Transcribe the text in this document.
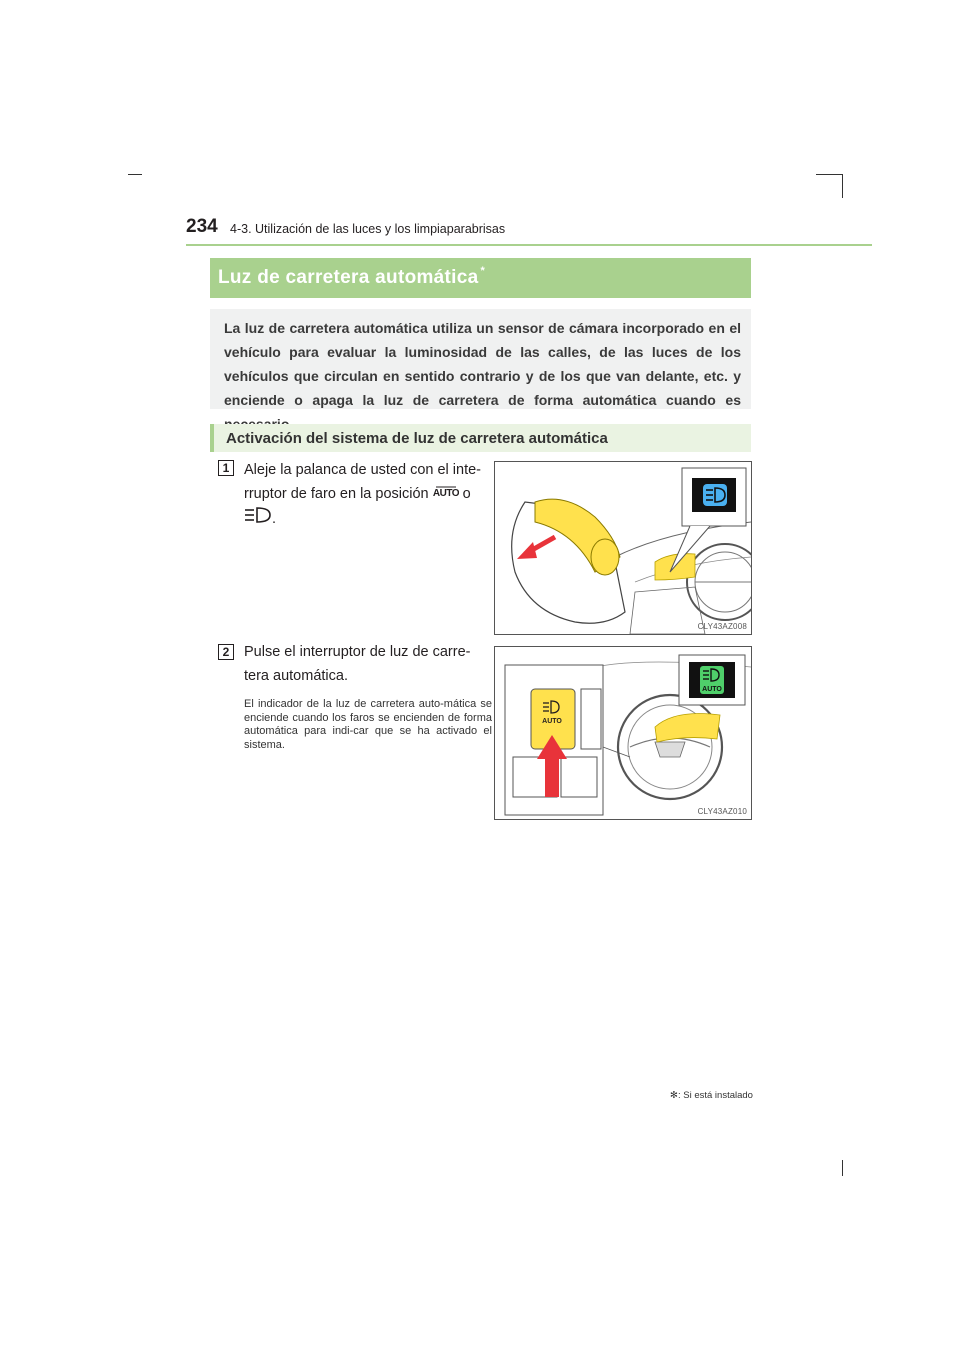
234 4-3. Utilización de las luces y los limpiaparabrisas
Luz de carretera automática *
La luz de carretera automática utiliza un sensor de cámara incorporado en el vehículo para evaluar la luminosidad de las calles, de las luces de los vehículos que circulan en sentido contrario y de los que van delante, etc. y enciende o apaga la luz de carretera de forma automática cuando es
Activación del sistema de luz de carretera automática
1	Aleje la palanca de usted con el inte-rruptor de faro en la posición AUTO o
.
CLY43AZ008
2	Pulse el interruptor de luz de carre-tera automática.
El indicador de la luz de carretera auto-mática se enciende cuando los faros se encienden de forma automática para indi-car que se ha activado el sistema.
AUTO
AUTO
CLY43AZ010
✻: Si está instalado
